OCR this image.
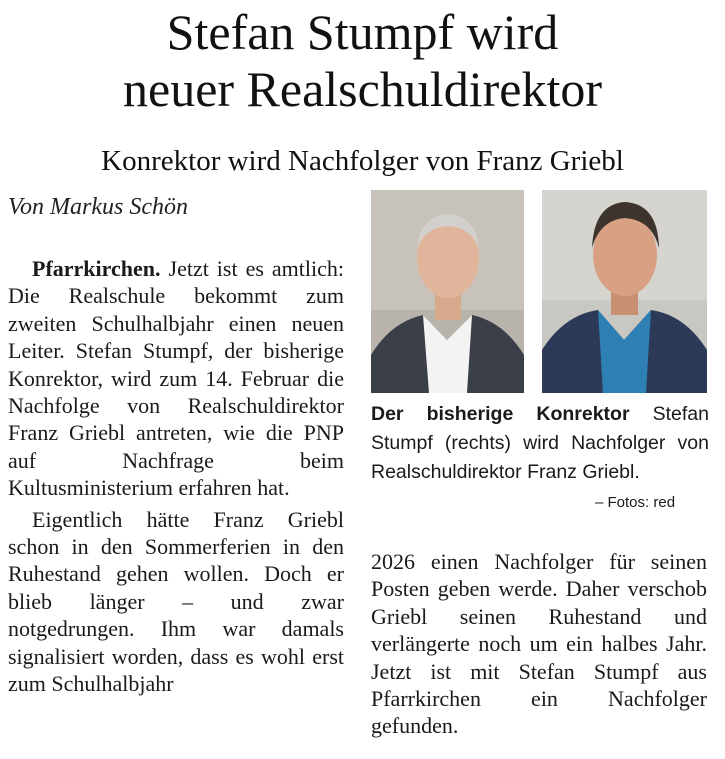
Stefan Stumpf wird
neuer Realschuldirektor
Konrektor wird Nachfolger von Franz Griebl
Von Markus Schön

Pfarrkirchen. Jetzt ist es amtlich: Die Realschule bekommt zum zweiten Schulhalbjahr einen neuen Leiter. Stefan Stumpf, der bisherige Konrektor, wird zum 14. Februar die Nachfolge von Realschuldirektor Franz Griebl antreten, wie die PNP auf Nachfrage beim Kultusministerium erfahren hat.

Eigentlich hätte Franz Griebl schon in den Sommerferien in den Ruhestand gehen wollen. Doch er blieb länger – und zwar notgedrungen. Ihm war damals signalisiert worden, dass es wohl erst zum Schulhalbjahr

Der bisherige Konrektor Stefan Stumpf (rechts) wird Nachfolger von Realschuldirektor Franz Griebl.

– Fotos: red

2026 einen Nachfolger für seinen Posten geben werde. Daher verschob Griebl seinen Ruhestand und verlängerte noch um ein halbes Jahr. Jetzt ist mit Stefan Stumpf aus Pfarrkirchen ein Nachfolger gefunden.
